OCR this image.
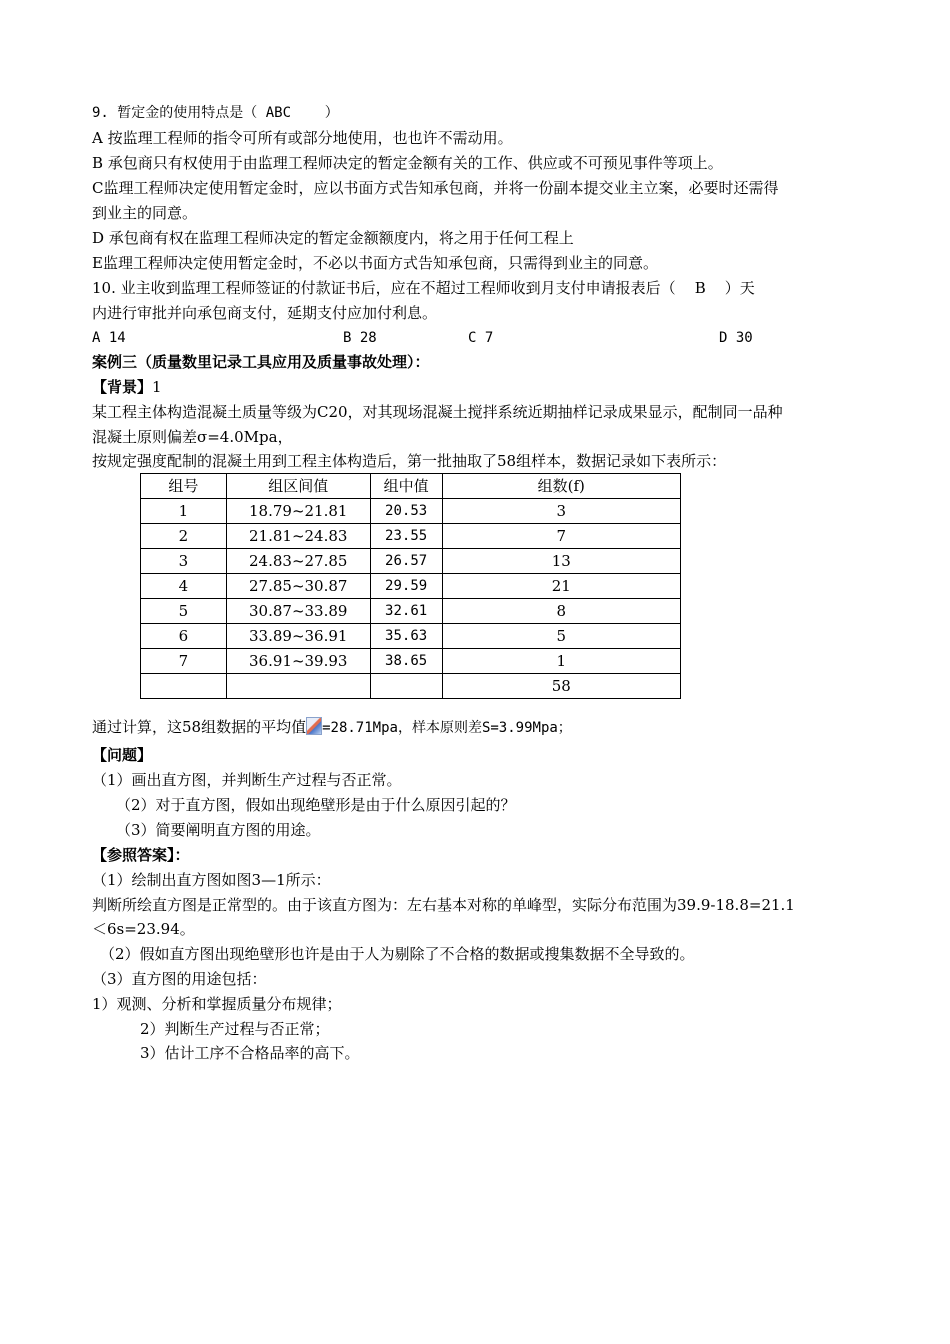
9. 暂定金的使用特点是（ ABC    ）
A 按监理工程师的指令可所有或部分地使用，也也许不需动用。
B 承包商只有权使用于由监理工程师决定的暂定金额有关的工作、供应或不可预见事件等项上。
C监理工程师决定使用暂定金时，应以书面方式告知承包商，并将一份副本提交业主立案，必要时还需得
到业主的同意。
D 承包商有权在监理工程师决定的暂定金额额度内，将之用于任何工程上
E监理工程师决定使用暂定金时，不必以书面方式告知承包商，只需得到业主的同意。
10. 业主收到监理工程师签证的付款证书后，应在不超过工程师收到月支付申请报表后（    B    ）天
内进行审批并向承包商支付，延期支付应加付利息。
A 14	B 28	C 7	D 30
案例三（质量数里记录工具应用及质量事故处理）：
【背景】1
某工程主体构造混凝土质量等级为C20，对其现场混凝土搅拌系统近期抽样记录成果显示，配制同一品种
混凝土原则偏差σ=4.0Mpa，
按规定强度配制的混凝土用到工程主体构造后，第一批抽取了58组样本，数据记录如下表所示：
组号	组区间值	组中值	组数(f)
1	18.79~21.81	20.53	3
2	21.81~24.83	23.55	7
3	24.83~27.85	26.57	13
4	27.85~30.87	29.59	21
5	30.87~33.89	32.61	8
6	33.89~36.91	35.63	5
7	36.91~39.93	38.65	1
			58
通过计算，这58组数据的平均值 =28.71Mpa，样本原则差S=3.99Mpa；
【问题】
（1）画出直方图，并判断生产过程与否正常。
（2）对于直方图，假如出现绝壁形是由于什么原因引起的？
（3）简要阐明直方图的用途。
【参照答案】：
（1）绘制出直方图如图3—1所示：
判断所绘直方图是正常型的。由于该直方图为：左右基本对称的单峰型，实际分布范围为39.9-18.8=21.1
＜6s=23.94。
（2）假如直方图出现绝壁形也许是由于人为剔除了不合格的数据或搜集数据不全导致的。
（3）直方图的用途包括：
1）观测、分析和掌握质量分布规律；
2）判断生产过程与否正常；
3）估计工序不合格品率的高下。
